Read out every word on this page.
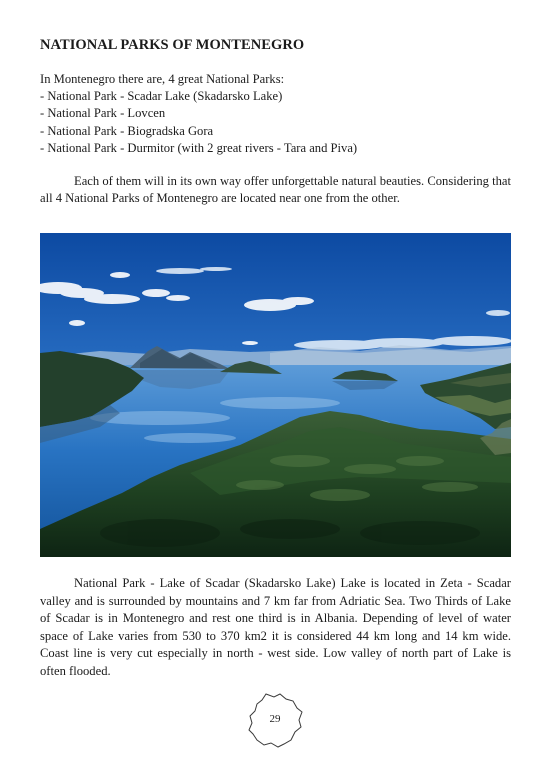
NATIONAL PARKS OF MONTENEGRO

In Montenegro there are, 4 great National Parks:
- National Park - Scadar Lake (Skadarsko Lake)
- National Park - Lovcen
- National Park - Biogradska Gora
- National Park - Durmitor (with 2 great rivers - Tara and Piva)

Each of them will in its own way offer unforgettable natural beauties. Considering that all 4 National Parks of Montenegro are located near one from the other.

National Park - Lake of Scadar (Skadarsko Lake) Lake is located in Zeta - Scadar valley and is surrounded by mountains and 7 km far from Adriatic Sea. Two Thirds of Lake of Scadar is in Montenegro and rest one third is in Albania. Depending of level of water space of Lake varies from 530 to 370 km2 it is considered 44 km long and 14 km wide. Coast line is very cut especially in north - west side. Low valley of north part of Lake is often flooded.

29
